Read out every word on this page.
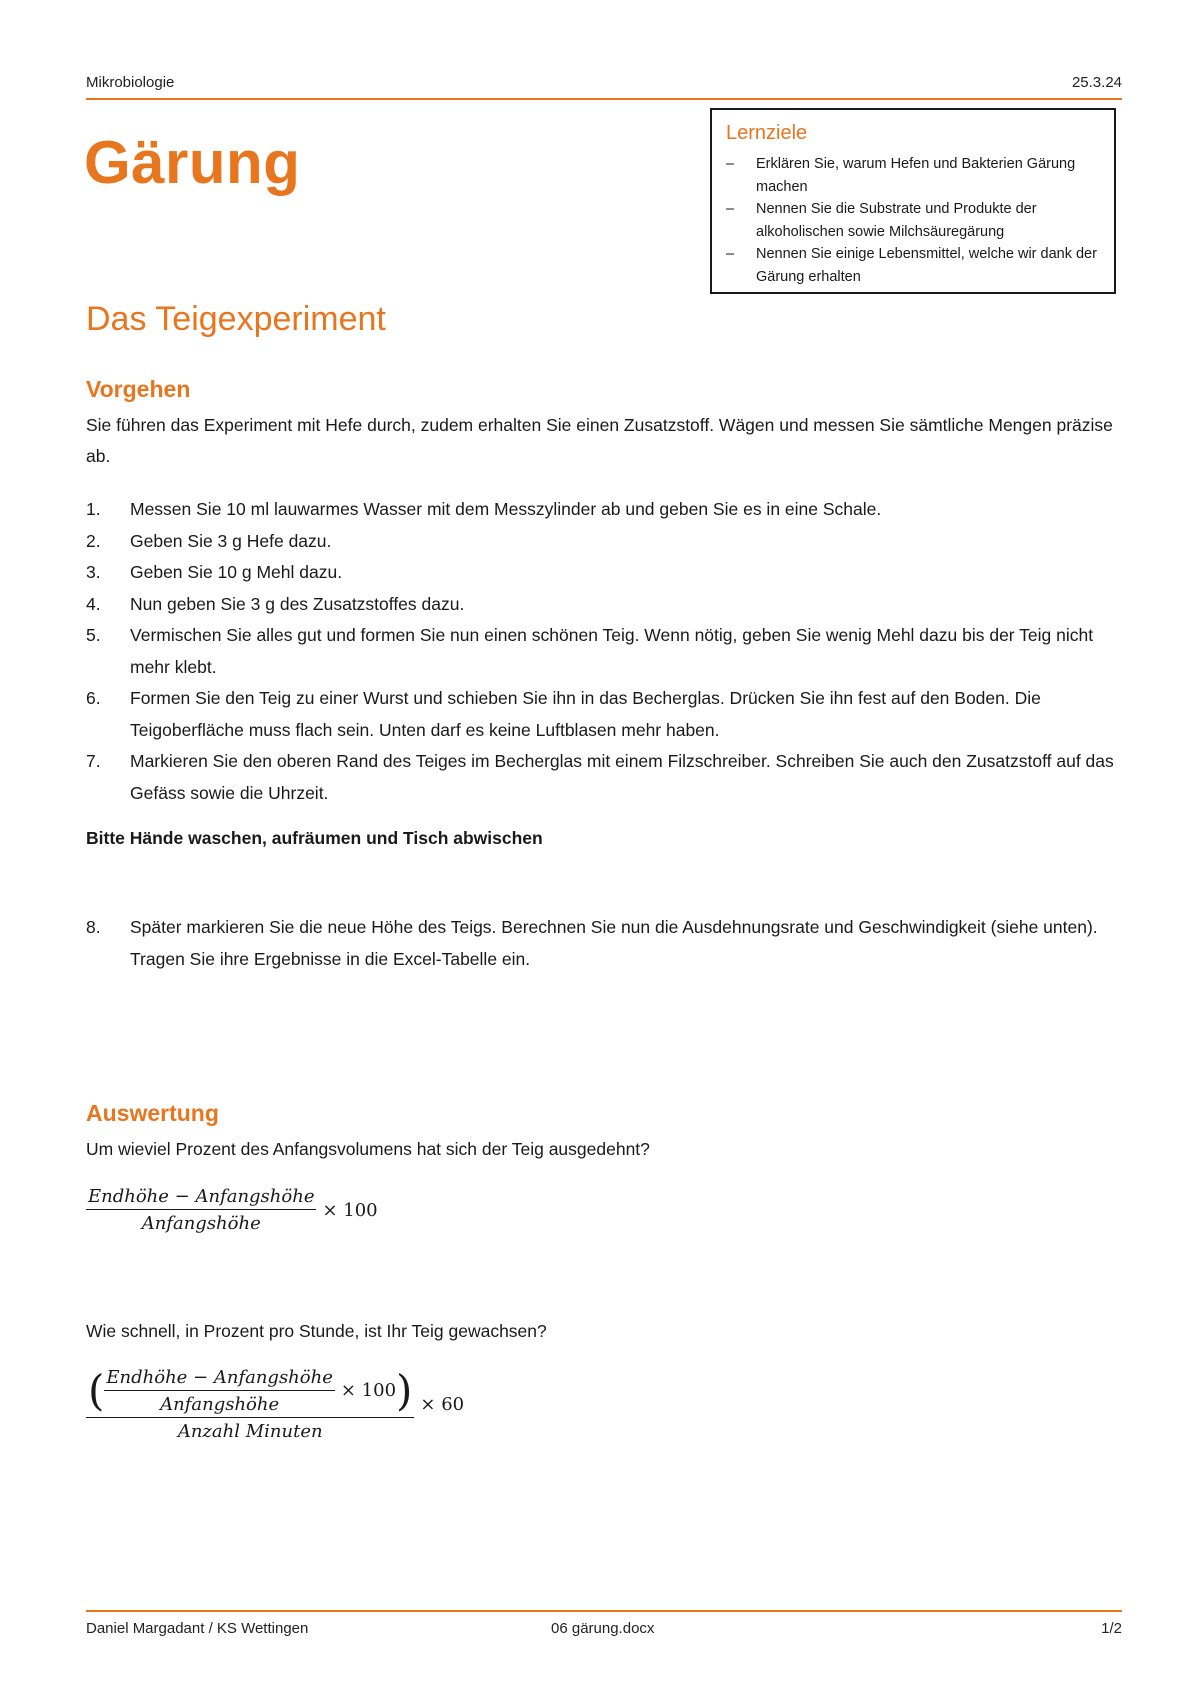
Mikrobiologie	25.3.24
Gärung	Lernziele
– Erklären Sie, warum Hefen und Bakterien Gärung machen
– Nennen Sie die Substrate und Produkte der alkoholischen sowie Milchsäuregärung
– Nennen Sie einige Lebensmittel, welche wir dank der Gärung erhalten
Das Teigexperiment
Vorgehen
Sie führen das Experiment mit Hefe durch, zudem erhalten Sie einen Zusatzstoff. Wägen und messen Sie sämtliche Mengen präzise ab.
1. Messen Sie 10 ml lauwarmes Wasser mit dem Messzylinder ab und geben Sie es in eine Schale.
2. Geben Sie 3 g Hefe dazu.
3. Geben Sie 10 g Mehl dazu.
4. Nun geben Sie 3 g des Zusatzstoffes dazu.
5. Vermischen Sie alles gut und formen Sie nun einen schönen Teig. Wenn nötig, geben Sie wenig Mehl dazu bis der Teig nicht mehr klebt.
6. Formen Sie den Teig zu einer Wurst und schieben Sie ihn in das Becherglas. Drücken Sie ihn fest auf den Boden. Die Teigoberfläche muss flach sein. Unten darf es keine Luftblasen mehr haben.
7. Markieren Sie den oberen Rand des Teiges im Becherglas mit einem Filzschreiber. Schreiben Sie auch den Zusatzstoff auf das Gefäss sowie die Uhrzeit.
Bitte Hände waschen, aufräumen und Tisch abwischen
8. Später markieren Sie die neue Höhe des Teigs. Berechnen Sie nun die Ausdehnungsrate und Geschwindigkeit (siehe unten). Tragen Sie ihre Ergebnisse in die Excel-Tabelle ein.
Auswertung
Um wieviel Prozent des Anfangsvolumens hat sich der Teig ausgedehnt?
$\frac{\text{Endhöhe − Anfangshöhe}}{\text{Anfangshöhe}} \times 100$
Wie schnell, in Prozent pro Stunde, ist Ihr Teig gewachsen?
( $\frac{\text{Endhöhe − Anfangshöhe}}{\text{Anfangshöhe}} \times 100$)
Anzahl Minuten
× 60
Daniel Margadant / KS Wettingen	06 gärung.docx	1/2
